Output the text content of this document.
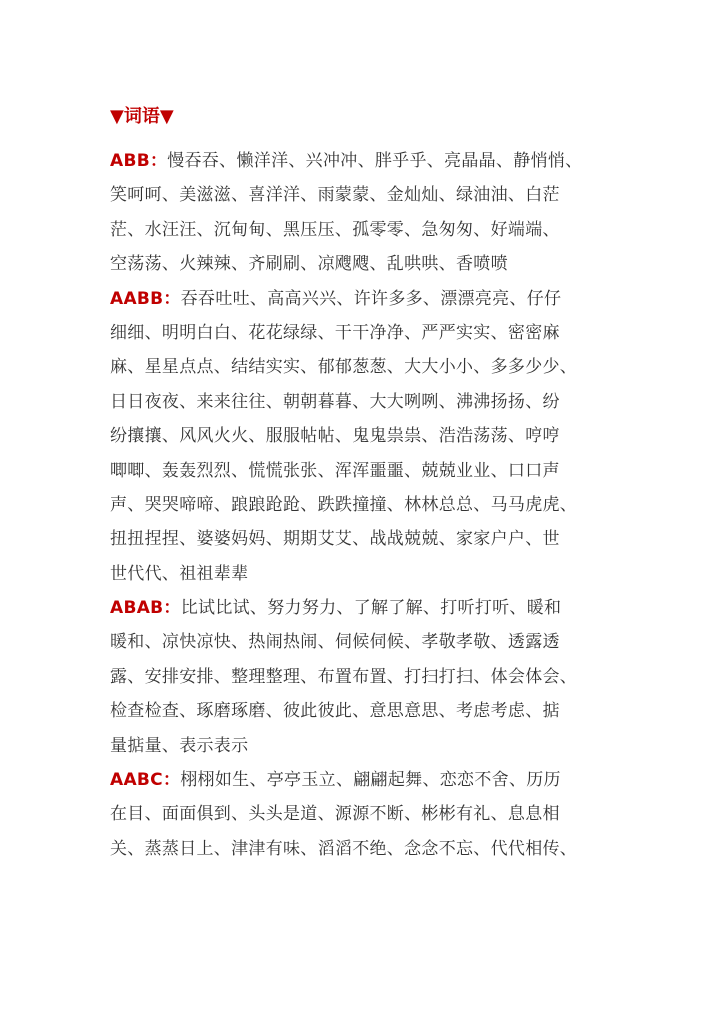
▼词语▼
ABB：慢吞吞、懒洋洋、兴冲冲、胖乎乎、亮晶晶、静悄悄、
笑呵呵、美滋滋、喜洋洋、雨蒙蒙、金灿灿、绿油油、白茫
茫、水汪汪、沉甸甸、黑压压、孤零零、急匆匆、好端端、
空荡荡、火辣辣、齐刷刷、凉飕飕、乱哄哄、香喷喷
AABB：吞吞吐吐、高高兴兴、许许多多、漂漂亮亮、仔仔
细细、明明白白、花花绿绿、干干净净、严严实实、密密麻
麻、星星点点、结结实实、郁郁葱葱、大大小小、多多少少、
日日夜夜、来来往往、朝朝暮暮、大大咧咧、沸沸扬扬、纷
纷攘攘、风风火火、服服帖帖、鬼鬼祟祟、浩浩荡荡、哼哼
唧唧、轰轰烈烈、慌慌张张、浑浑噩噩、兢兢业业、口口声
声、哭哭啼啼、踉踉跄跄、跌跌撞撞、林林总总、马马虎虎、
扭扭捏捏、婆婆妈妈、期期艾艾、战战兢兢、家家户户、世
世代代、祖祖辈辈
ABAB：比试比试、努力努力、了解了解、打听打听、暖和
暖和、凉快凉快、热闹热闹、伺候伺候、孝敬孝敬、透露透
露、安排安排、整理整理、布置布置、打扫打扫、体会体会、
检查检查、琢磨琢磨、彼此彼此、意思意思、考虑考虑、掂
量掂量、表示表示
AABC：栩栩如生、亭亭玉立、翩翩起舞、恋恋不舍、历历
在目、面面俱到、头头是道、源源不断、彬彬有礼、息息相
关、蒸蒸日上、津津有味、滔滔不绝、念念不忘、代代相传、
